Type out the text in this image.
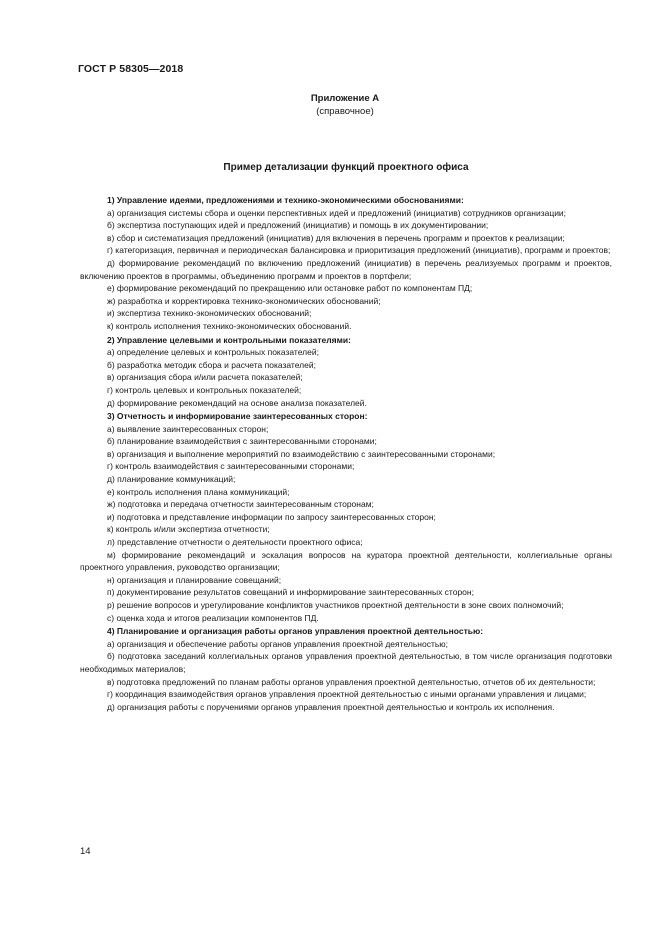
ГОСТ Р 58305—2018
Приложение А
(справочное)
Пример детализации функций проектного офиса

1) Управление идеями, предложениями и технико-экономическими обоснованиями:

а) организация системы сбора и оценки перспективных идей и предложений (инициатив) сотрудников организации;

б) экспертиза поступающих идей и предложений (инициатив) и помощь в их документировании;

в) сбор и систематизация предложений (инициатив) для включения в перечень программ и проектов к реализации;

г) категоризация, первичная и периодическая балансировка и приоритизация предложений (инициатив), программ и проектов;

д) формирование рекомендаций по включению предложений (инициатив) в перечень реализуемых программ и проектов, включению проектов в программы, объединению программ и проектов в портфели;

е) формирование рекомендаций по прекращению или остановке работ по компонентам ПД;

ж) разработка и корректировка технико-экономических обоснований;

и) экспертиза технико-экономических обоснований;

к) контроль исполнения технико-экономических обоснований.

2) Управление целевыми и контрольными показателями:

а) определение целевых и контрольных показателей;

б) разработка методик сбора и расчета показателей;

в) организация сбора и/или расчета показателей;

г) контроль целевых и контрольных показателей;

д) формирование рекомендаций на основе анализа показателей.

3) Отчетность и информирование заинтересованных сторон:

а) выявление заинтересованных сторон;

б) планирование взаимодействия с заинтересованными сторонами;

в) организация и выполнение мероприятий по взаимодействию с заинтересованными сторонами;

г) контроль взаимодействия с заинтересованными сторонами;

д) планирование коммуникаций;

е) контроль исполнения плана коммуникаций;

ж) подготовка и передача отчетности заинтересованным сторонам;

и) подготовка и представление информации по запросу заинтересованных сторон;

к) контроль и/или экспертиза отчетности;

л) представление отчетности о деятельности проектного офиса;

м) формирование рекомендаций и эскалация вопросов на куратора проектной деятельности, коллегиальные органы проектного управления, руководство организации;

н) организация и планирование совещаний;

п) документирование результатов совещаний и информирование заинтересованных сторон;

р) решение вопросов и урегулирование конфликтов участников проектной деятельности в зоне своих полномочий;

с) оценка хода и итогов реализации компонентов ПД.

4) Планирование и организация работы органов управления проектной деятельностью:

а) организация и обеспечение работы органов управления проектной деятельностью;

б) подготовка заседаний коллегиальных органов управления проектной деятельностью, в том числе организация подготовки необходимых материалов;

в) подготовка предложений по планам работы органов управления проектной деятельностью, отчетов об их деятельности;

г) координация взаимодействия органов управления проектной деятельностью с иными органами управления и лицами;

д) организация работы с поручениями органов управления проектной деятельностью и контроль их исполнения.

14
